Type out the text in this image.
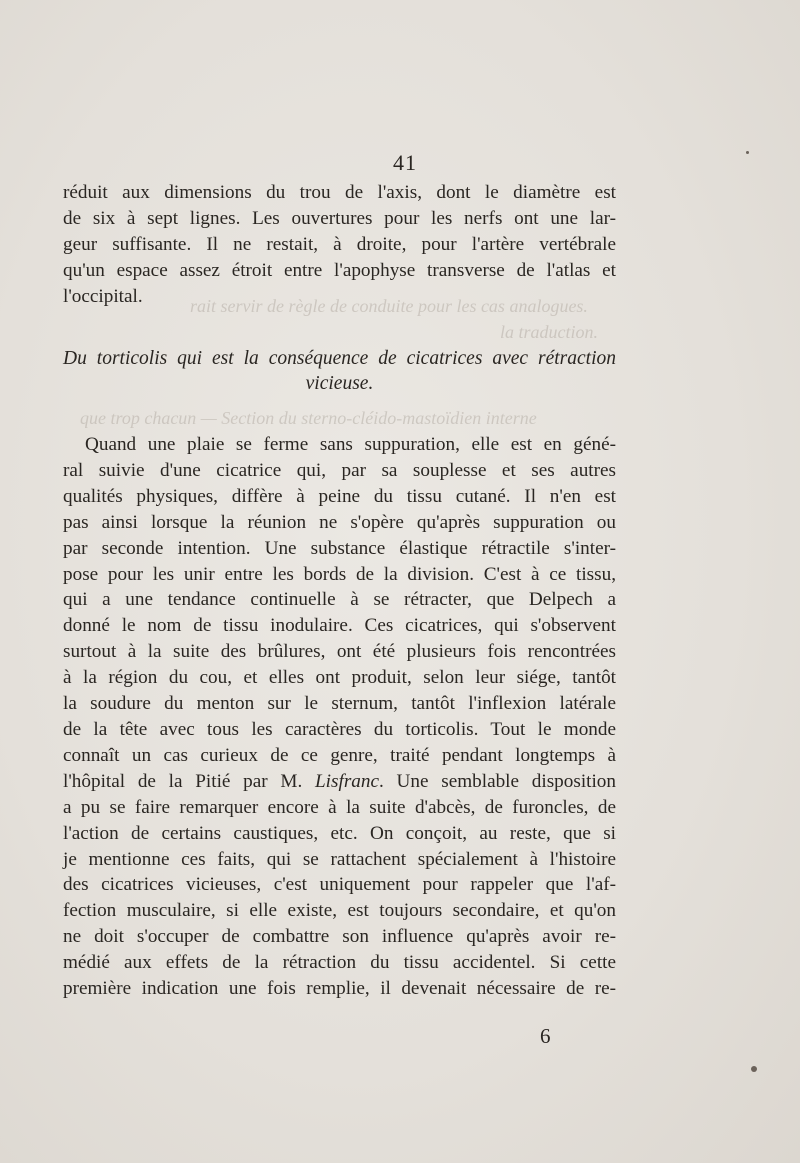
rait servir de règle de conduite pour les cas analogues.
la traduction.
que trop chacun — Section du sterno-cléido-mastoïdien interne
41
réduit aux dimensions du trou de l'axis, dont le diamètre est
de six à sept lignes. Les ouvertures pour les nerfs ont une lar-
geur suffisante. Il ne restait, à droite, pour l'artère vertébrale
qu'un espace assez étroit entre l'apophyse transverse de l'atlas et
l'occipital.
Du torticolis qui est la conséquence de cicatrices avec rétraction
vicieuse.
Quand une plaie se ferme sans suppuration, elle est en géné-
ral suivie d'une cicatrice qui, par sa souplesse et ses autres
qualités physiques, diffère à peine du tissu cutané. Il n'en est
pas ainsi lorsque la réunion ne s'opère qu'après suppuration ou
par seconde intention. Une substance élastique rétractile s'inter-
pose pour les unir entre les bords de la division. C'est à ce tissu,
qui a une tendance continuelle à se rétracter, que Delpech a
donné le nom de tissu inodulaire. Ces cicatrices, qui s'observent
surtout à la suite des brûlures, ont été plusieurs fois rencontrées
à la région du cou, et elles ont produit, selon leur siége, tantôt
la soudure du menton sur le sternum, tantôt l'inflexion latérale
de la tête avec tous les caractères du torticolis. Tout le monde
connaît un cas curieux de ce genre, traité pendant longtemps à
l'hôpital de la Pitié par M. Lisfranc. Une semblable disposition
a pu se faire remarquer encore à la suite d'abcès, de furoncles, de
l'action de certains caustiques, etc. On conçoit, au reste, que si
je mentionne ces faits, qui se rattachent spécialement à l'histoire
des cicatrices vicieuses, c'est uniquement pour rappeler que l'af-
fection musculaire, si elle existe, est toujours secondaire, et qu'on
ne doit s'occuper de combattre son influence qu'après avoir re-
médié aux effets de la rétraction du tissu accidentel. Si cette
première indication une fois remplie, il devenait nécessaire de re-
6
